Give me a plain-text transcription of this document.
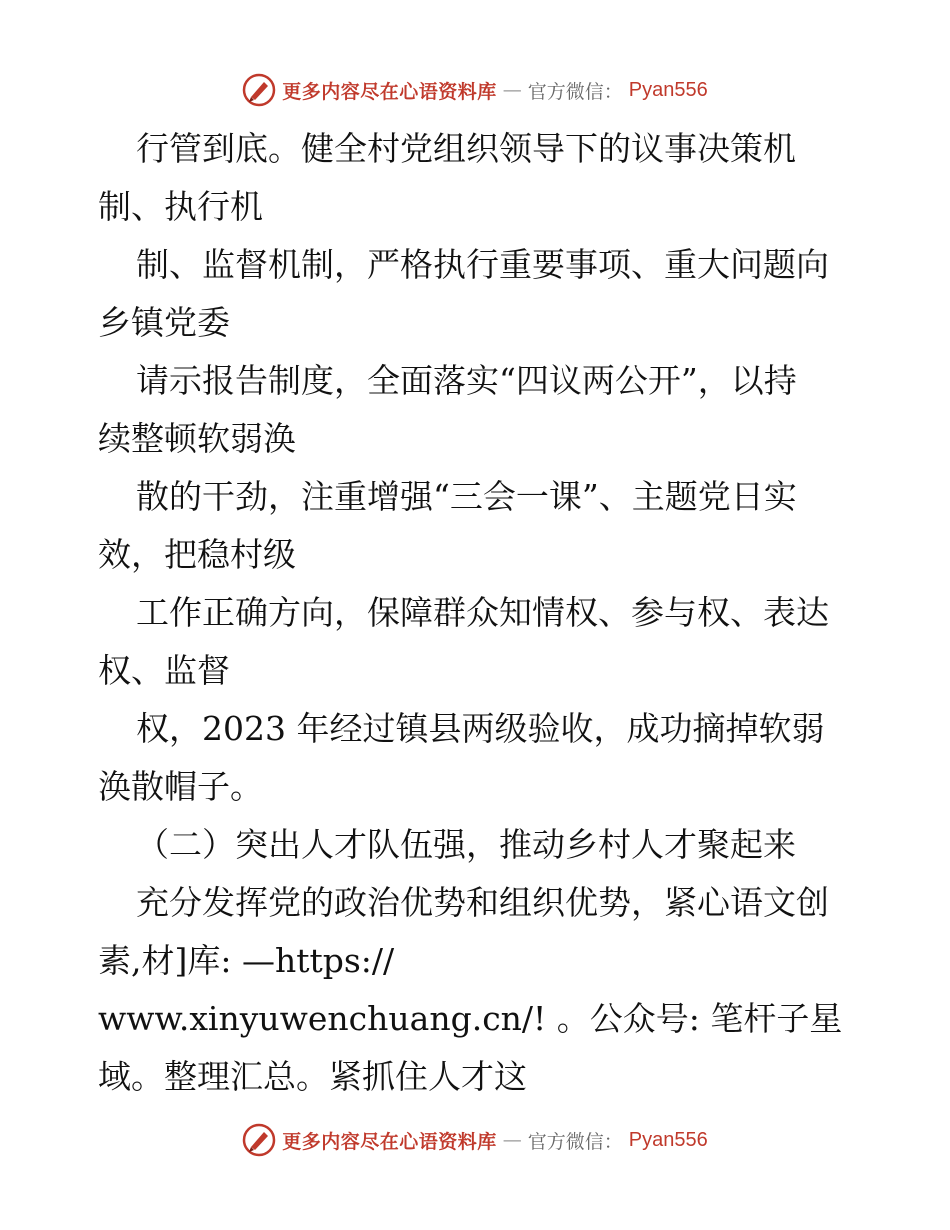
更多内容尽在心语资料库 — 官方微信： Pyan556
行管到底。健全村党组织领导下的议事决策机
制、执行机
制、监督机制，严格执行重要事项、重大问题向
乡镇党委
请示报告制度，全面落实“四议两公开”，以持
续整顿软弱涣
散的干劲，注重增强“三会一课”、主题党日实
效，把稳村级
工作正确方向，保障群众知情权、参与权、表达
权、监督
权，2023 年经过镇县两级验收，成功摘掉软弱
涣散帽子。
（二）突出人才队伍强，推动乡村人才聚起来
充分发挥党的政治优势和组织优势，紧心语文创
素,材]库: —https://
www.xinyuwenchuang.cn/! 。公众号: 笔杆子星
域。整理汇总。紧抓住人才这
更多内容尽在心语资料库 — 官方微信： Pyan556
